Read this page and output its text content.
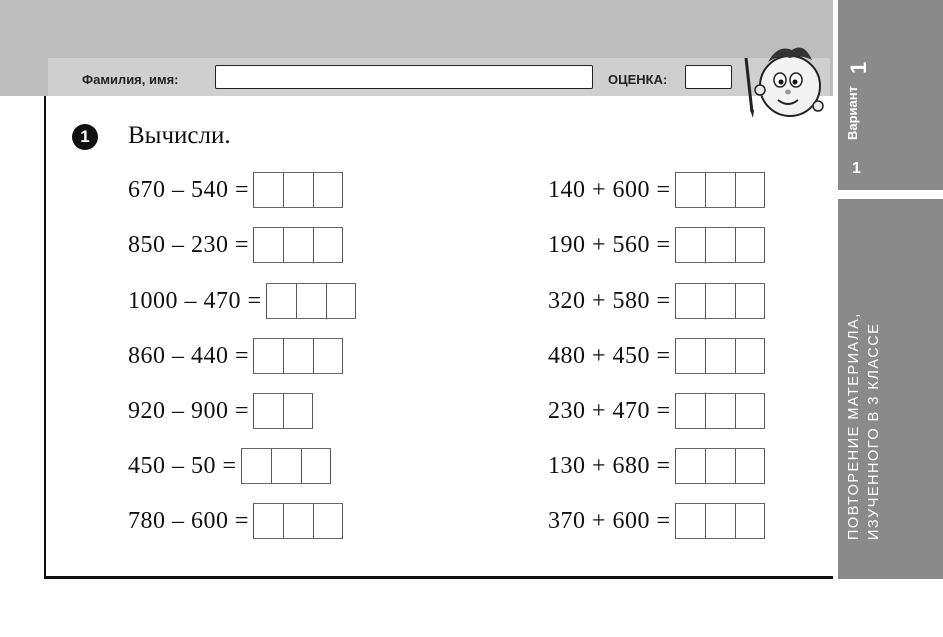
Фамилия, имя:	ОЦЕНКА:
1	Вычисли.
670 – 540 =
850 – 230 =
1000 – 470 =
860 – 440 =
920 – 900 =
450 – 50 =
780 – 600 =
140 + 600 =
190 + 560 =
320 + 580 =
480 + 450 =
230 + 470 =
130 + 680 =
370 + 600 =
Вариант
1
1
ПОВТОРЕНИЕ МАТЕРИАЛА, ИЗУЧЕННОГО В 3 КЛАССЕ
